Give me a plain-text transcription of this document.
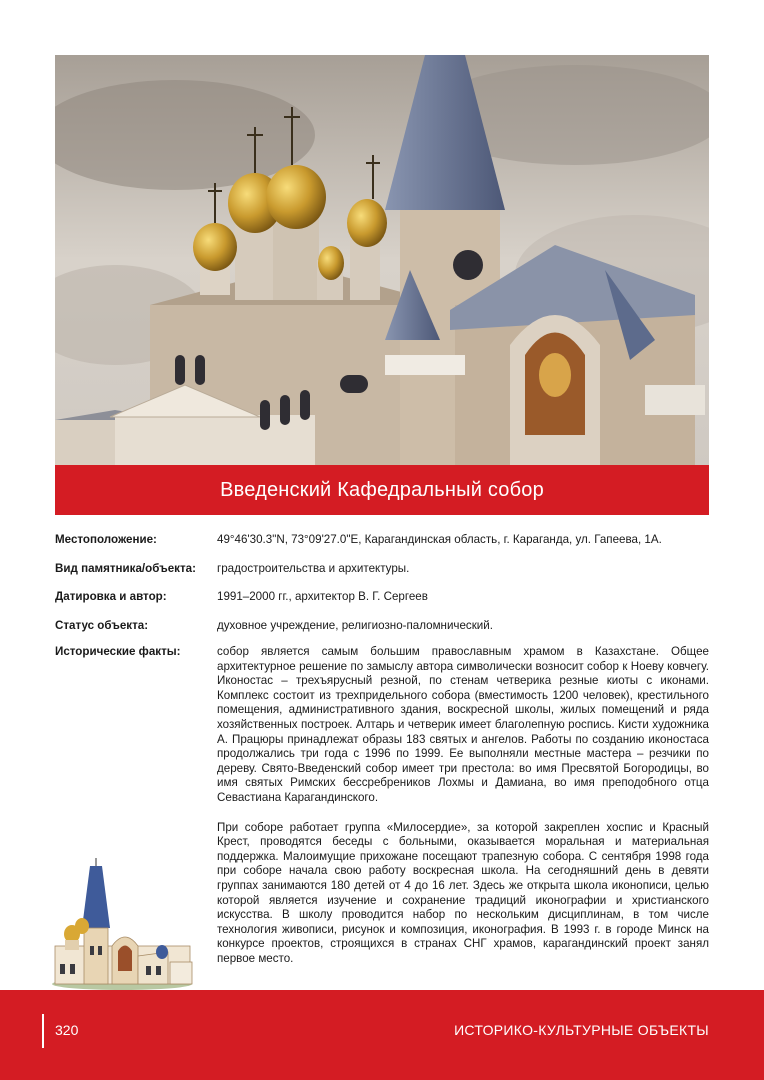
Введенский Кафедральный собор
Местоположение:	49°46'30.3"N, 73°09'27.0"E, Карагандинская область, г. Караганда, ул. Гапеева, 1А.
Вид памятника/объекта:	градостроительства и архитектуры.
Датировка и автор:	1991–2000 гг., архитектор В. Г. Сергеев
Статус объекта:	духовное учреждение, религиозно-паломнический.
Исторические факты:	собор является самым большим православным храмом в Казахстане. Общее архитектурное решение по замыслу автора символически возносит собор к Ноеву ковчегу. Иконостас – трехъярусный резной, по стенам четверика резные киоты с иконами. Комплекс состоит из трехпридельного собора (вместимость 1200 человек), крестильного помещения, административного здания, воскресной школы, жилых помещений и ряда хозяйственных построек. Алтарь и четверик имеет благолепную роспись. Кисти художника А. Працюры принадлежат образы 183 святых и ангелов. Работы по созданию иконостаса продолжались три года с 1996 по 1999. Ее выполняли местные мастера – резчики по дереву. Свято-Введенский собор имеет три престола: во имя Пресвятой Богородицы, во имя святых Римских бессребреников Лохмы и Дамиана, во имя преподобного отца Севастиана Карагандинского.

При соборе работает группа «Милосердие», за которой закреплен хоспис и Красный Крест, проводятся беседы с больными, оказывается моральная и материальная поддержка. Малоимущие прихожане посещают трапезную собора. С сентября 1998 года при соборе начала свою работу воскресная школа. На сегодняшний день в девяти группах занимаются 180 детей от 4 до 16 лет. Здесь же открыта школа иконописи, целью которой является изучение и сохранение традиций иконографии и христианского искусства. В школу проводится набор по нескольким дисциплинам, в том числе технология живописи, рисунок и композиция, иконография. В 1993 г. в городе Минск на конкурсе проектов, строящихся в странах СНГ храмов, карагандинский проект занял первое место.

320	ИСТОРИКО-КУЛЬТУРНЫЕ ОБЪЕКТЫ
